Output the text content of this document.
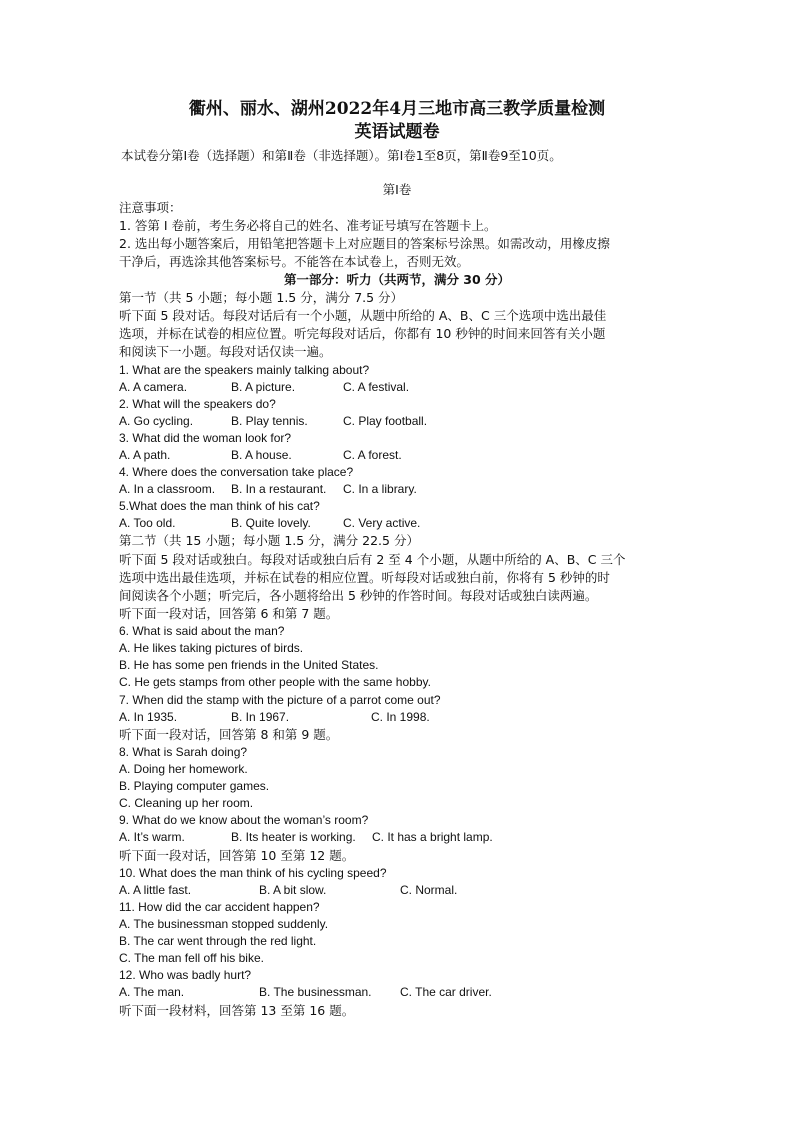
衢州、丽水、湖州2022年4月三地市高三教学质量检测
英语试题卷
本试卷分第Ⅰ卷（选择题）和第Ⅱ卷（非选择题）。第Ⅰ卷1至8页，第Ⅱ卷9至10页。
第Ⅰ卷
注意事项：
1. 答第 Ⅰ 卷前，考生务必将自己的姓名、准考证号填写在答题卡上。
2. 选出每小题答案后，用铅笔把答题卡上对应题目的答案标号涂黑。如需改动，用橡皮擦
干净后，再选涂其他答案标号。不能答在本试卷上，否则无效。
第一部分：听力（共两节，满分 30 分）
第一节（共 5 小题；每小题 1.5 分，满分 7.5 分）
听下面 5 段对话。每段对话后有一个小题，从题中所给的 A、B、C 三个选项中选出最佳
选项，并标在试卷的相应位置。听完每段对话后，你都有 10 秒钟的时间来回答有关小题
和阅读下一小题。每段对话仅读一遍。
1. What are the speakers mainly talking about?
A. A camera.	B. A picture.	C. A festival.
2. What will the speakers do?
A. Go cycling.	B. Play tennis.	C. Play football.
3. What did the woman look for?
A. A path.	B. A house.	C. A forest.
4. Where does the conversation take place?
A. In a classroom. B. In a restaurant. C. In a library.
5.What does the man think of his cat?
A. Too old.	B. Quite lovely.	C. Very active.
第二节（共 15 小题；每小题 1.5 分，满分 22.5 分）
听下面 5 段对话或独白。每段对话或独白后有 2 至 4 个小题，从题中所给的 A、B、C 三个
选项中选出最佳选项，并标在试卷的相应位置。听每段对话或独白前，你将有 5 秒钟的时
间阅读各个小题；听完后，各小题将给出 5 秒钟的作答时间。每段对话或独白读两遍。
听下面一段对话，回答第 6 和第 7 题。
6. What is said about the man?
A. He likes taking pictures of birds.
B. He has some pen friends in the United States.
C. He gets stamps from other people with the same hobby.
7. When did the stamp with the picture of a parrot come out?
A. In 1935.	B. In 1967.	C. In 1998.
听下面一段对话，回答第 8 和第 9 题。
8. What is Sarah doing?
A. Doing her homework.
B. Playing computer games.
C. Cleaning up her room.
9. What do we know about the woman’s room?
A. It’s warm.	B. Its heater is working. C. It has a bright lamp.
听下面一段对话，回答第 10 至第 12 题。
10. What does the man think of his cycling speed?
A. A little fast.	B. A bit slow.	C. Normal.
11. How did the car accident happen?
A. The businessman stopped suddenly.
B. The car went through the red light.
C. The man fell off his bike.
12. Who was badly hurt?
A. The man.	B. The businessman. C. The car driver.
听下面一段材料，回答第 13 至第 16 题。
